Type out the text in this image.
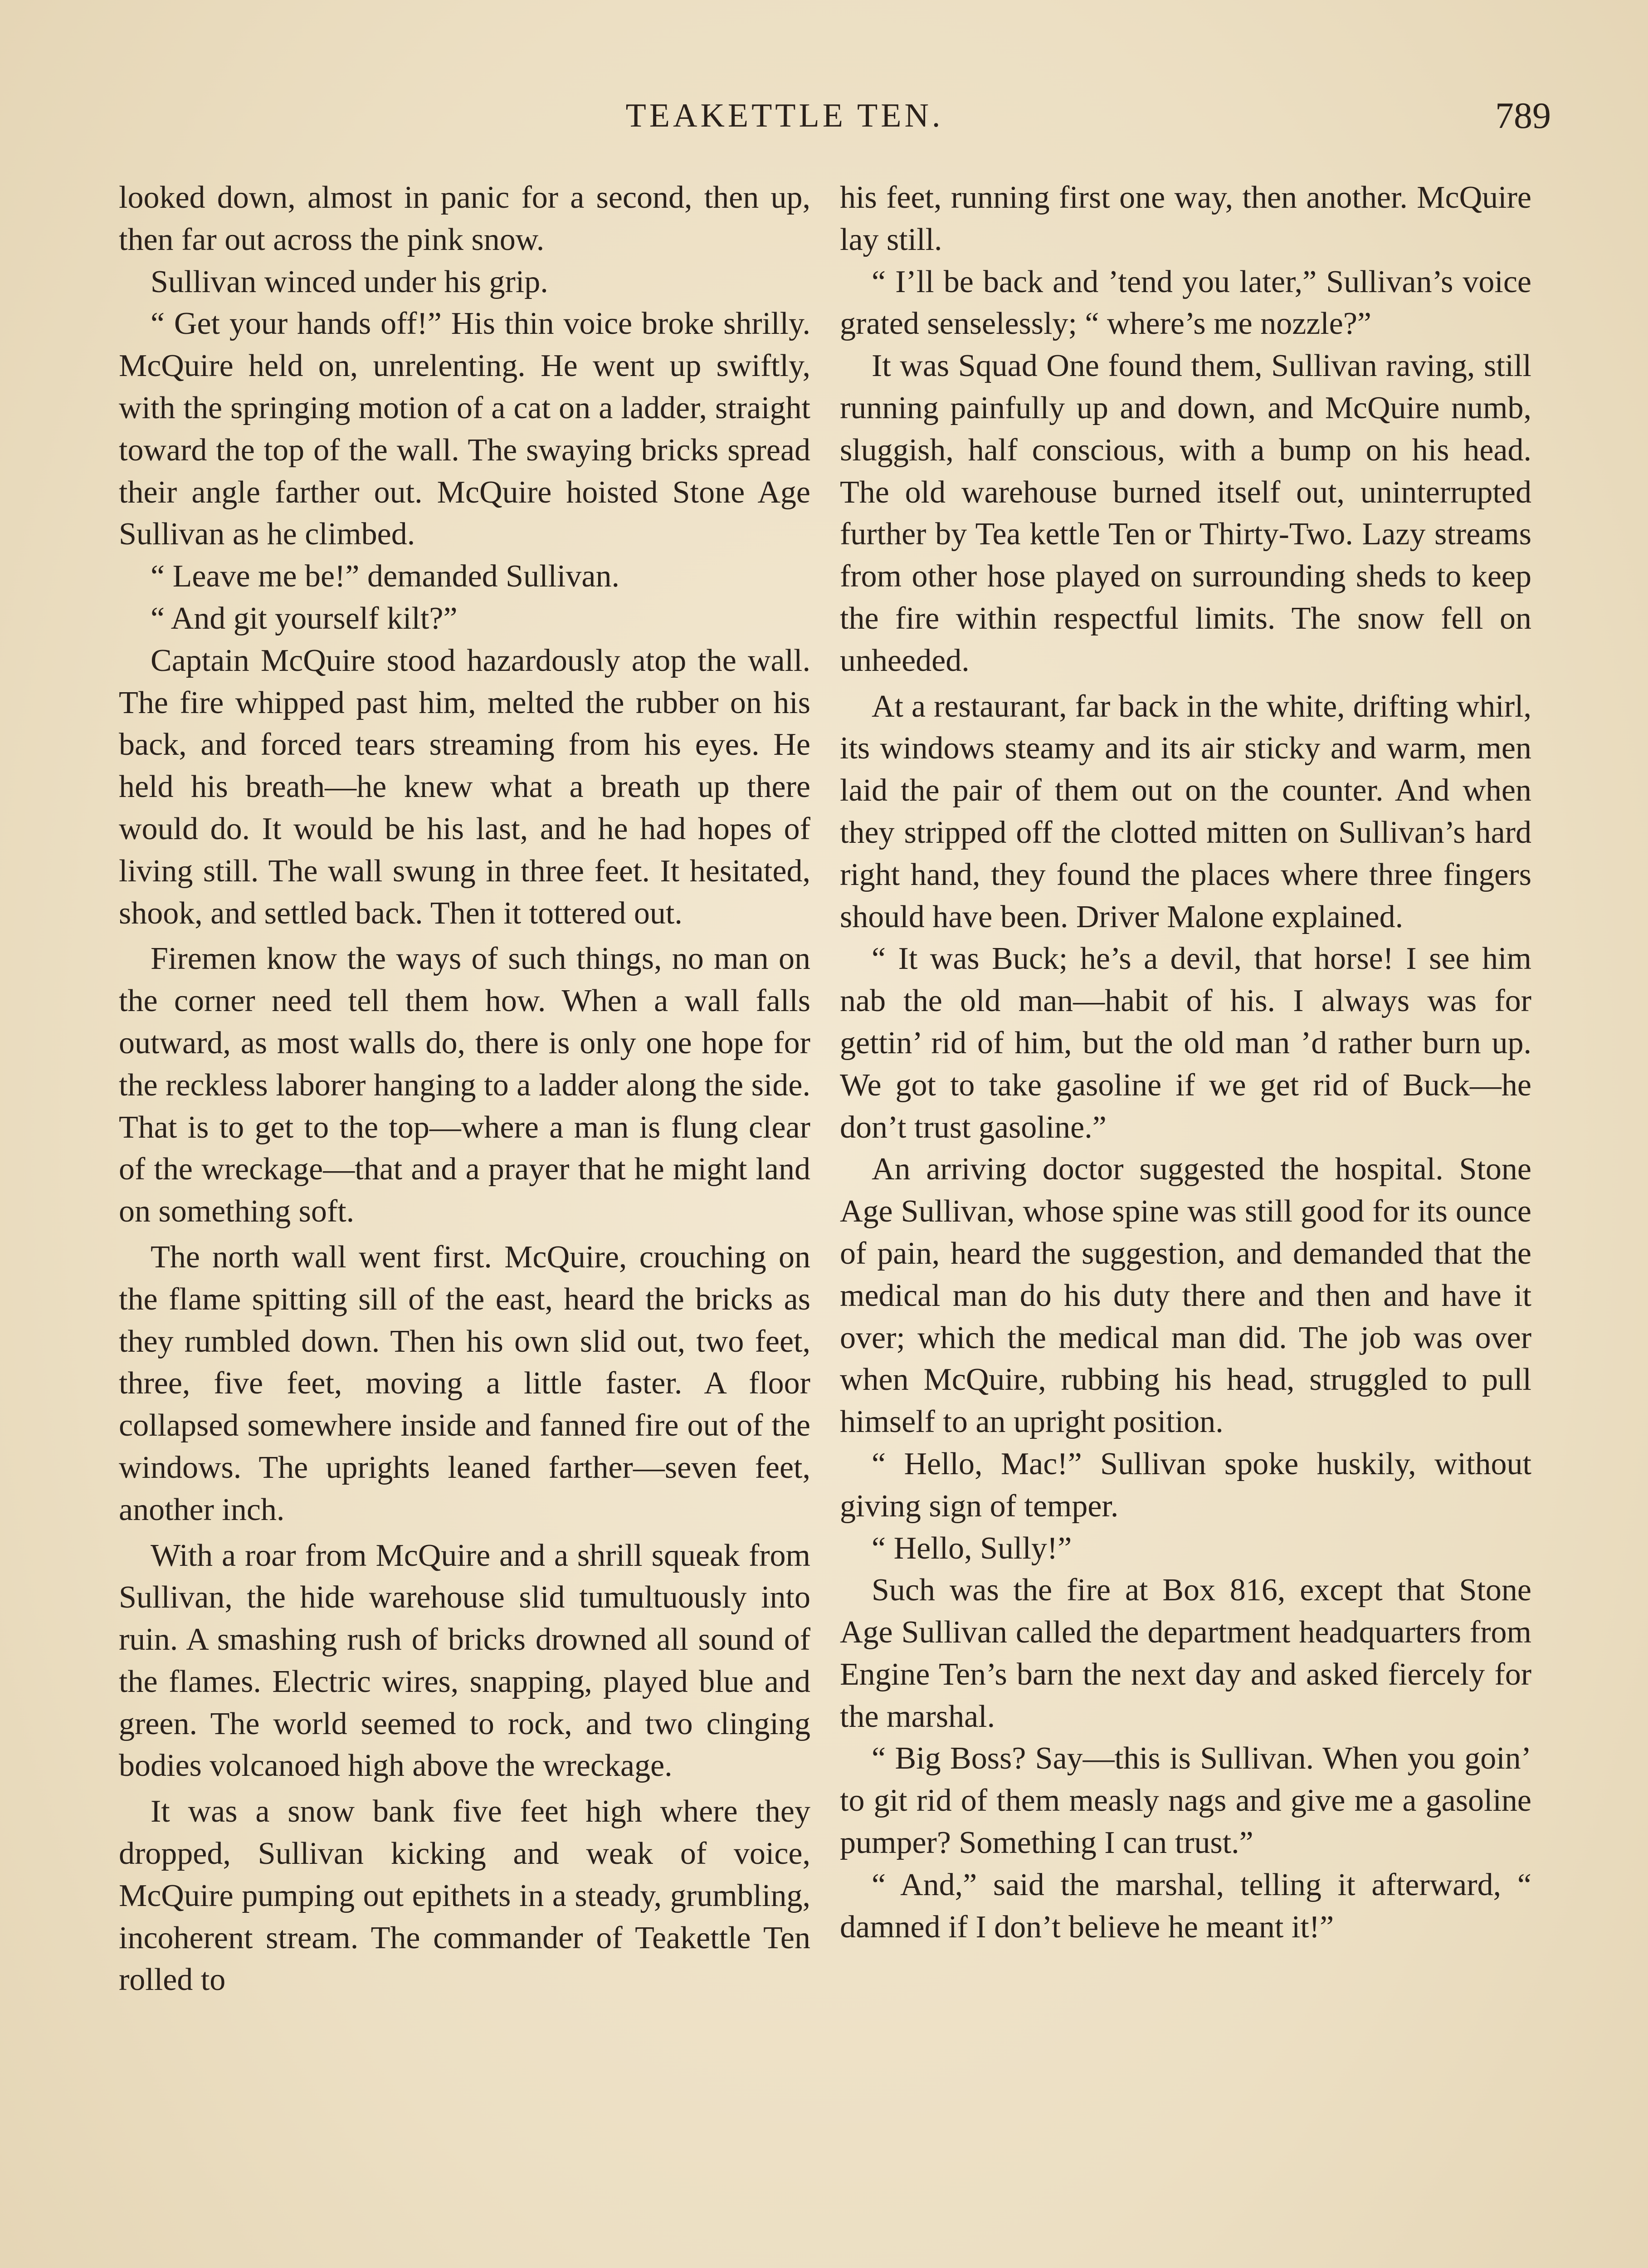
TEAKETTLE TEN.	789

looked down, almost in panic for a second, then up, then far out across the pink snow.

Sullivan winced under his grip.

“ Get your hands off!” His thin voice broke shrilly. McQuire held on, unrelenting. He went up swiftly, with the springing motion of a cat on a ladder, straight toward the top of the wall. The swaying bricks spread their angle farther out. McQuire hoisted Stone Age Sullivan as he climbed.

“ Leave me be!” demanded Sullivan.

“ And git yourself kilt?”

Captain McQuire stood hazardously atop the wall. The fire whipped past him, melted the rubber on his back, and forced tears streaming from his eyes. He held his breath—he knew what a breath up there would do. It would be his last, and he had hopes of living still. The wall swung in three feet. It hesitated, shook, and settled back. Then it tottered out.

Firemen know the ways of such things, no man on the corner need tell them how. When a wall falls outward, as most walls do, there is only one hope for the reckless laborer hanging to a ladder along the side. That is to get to the top—where a man is flung clear of the wreckage—that and a prayer that he might land on something soft.

The north wall went first. McQuire, crouching on the flame spitting sill of the east, heard the bricks as they rumbled down. Then his own slid out, two feet, three, five feet, moving a little faster. A floor collapsed somewhere inside and fanned fire out of the windows. The uprights leaned farther—seven feet, another inch.

With a roar from McQuire and a shrill squeak from Sullivan, the hide warehouse slid tumultuously into ruin. A smashing rush of bricks drowned all sound of the flames. Electric wires, snapping, played blue and green. The world seemed to rock, and two clinging bodies volcanoed high above the wreckage.

It was a snow bank five feet high where they dropped, Sullivan kicking and weak of voice, McQuire pumping out epithets in a steady, grumbling, incoherent stream. The commander of Teakettle Ten rolled to

his feet, running first one way, then another. McQuire lay still.

“ I’ll be back and ’tend you later,” Sullivan’s voice grated senselessly; “ where’s me nozzle?”

It was Squad One found them, Sullivan raving, still running painfully up and down, and McQuire numb, sluggish, half conscious, with a bump on his head. The old warehouse burned itself out, uninterrupted further by Tea kettle Ten or Thirty-Two. Lazy streams from other hose played on surrounding sheds to keep the fire within respectful limits. The snow fell on unheeded.

At a restaurant, far back in the white, drifting whirl, its windows steamy and its air sticky and warm, men laid the pair of them out on the counter. And when they stripped off the clotted mitten on Sullivan’s hard right hand, they found the places where three fingers should have been. Driver Malone explained.

“ It was Buck; he’s a devil, that horse! I see him nab the old man—habit of his. I always was for gettin’ rid of him, but the old man ’d rather burn up. We got to take gasoline if we get rid of Buck—he don’t trust gasoline.”

An arriving doctor suggested the hospital. Stone Age Sullivan, whose spine was still good for its ounce of pain, heard the suggestion, and demanded that the medical man do his duty there and then and have it over; which the medical man did. The job was over when McQuire, rubbing his head, struggled to pull himself to an upright position.

“ Hello, Mac!” Sullivan spoke huskily, without giving sign of temper.

“ Hello, Sully!”

Such was the fire at Box 816, except that Stone Age Sullivan called the department headquarters from Engine Ten’s barn the next day and asked fiercely for the marshal.

“ Big Boss? Say—this is Sullivan. When you goin’ to git rid of them measly nags and give me a gasoline pumper? Something I can trust.”

“ And,” said the marshal, telling it afterward, “ damned if I don’t believe he meant it!”
